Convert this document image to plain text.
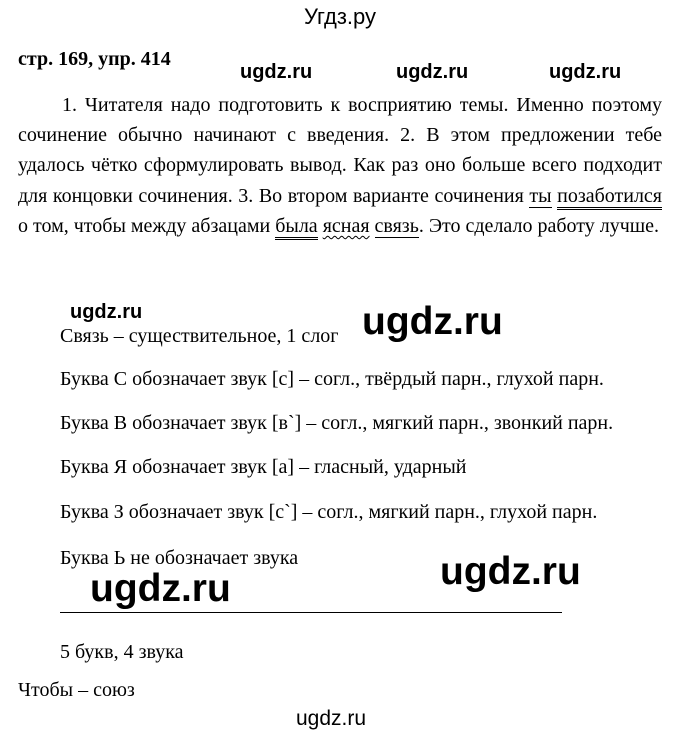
Угдз.ру
стр. 169, упр. 414
ugdz.ru	ugdz.ru	ugdz.ru
1. Читателя надо подготовить к восприятию темы. Именно поэтому сочинение обычно начинают с введения. 2. В этом предложении тебе удалось чётко сформулировать вывод. Как раз оно больше всего подходит для концовки сочинения. 3. Во втором варианте сочинения ты позаботился о том, чтобы между абзацами была ясная связь. Это сделало работу лучше.
ugdz.ru	ugdz.ru
Связь – существительное, 1 слог
Буква С обозначает звук [с] – согл., твёрдый парн., глухой парн.
Буква В обозначает звук [в`] – согл., мягкий парн., звонкий парн.
Буква Я обозначает звук [а] – гласный, ударный
Буква З обозначает звук [с`] – согл., мягкий парн., глухой парн.
Буква Ь не обозначает звука	ugdz.ru
ugdz.ru
5 букв, 4 звука
Чтобы – союз
ugdz.ru
